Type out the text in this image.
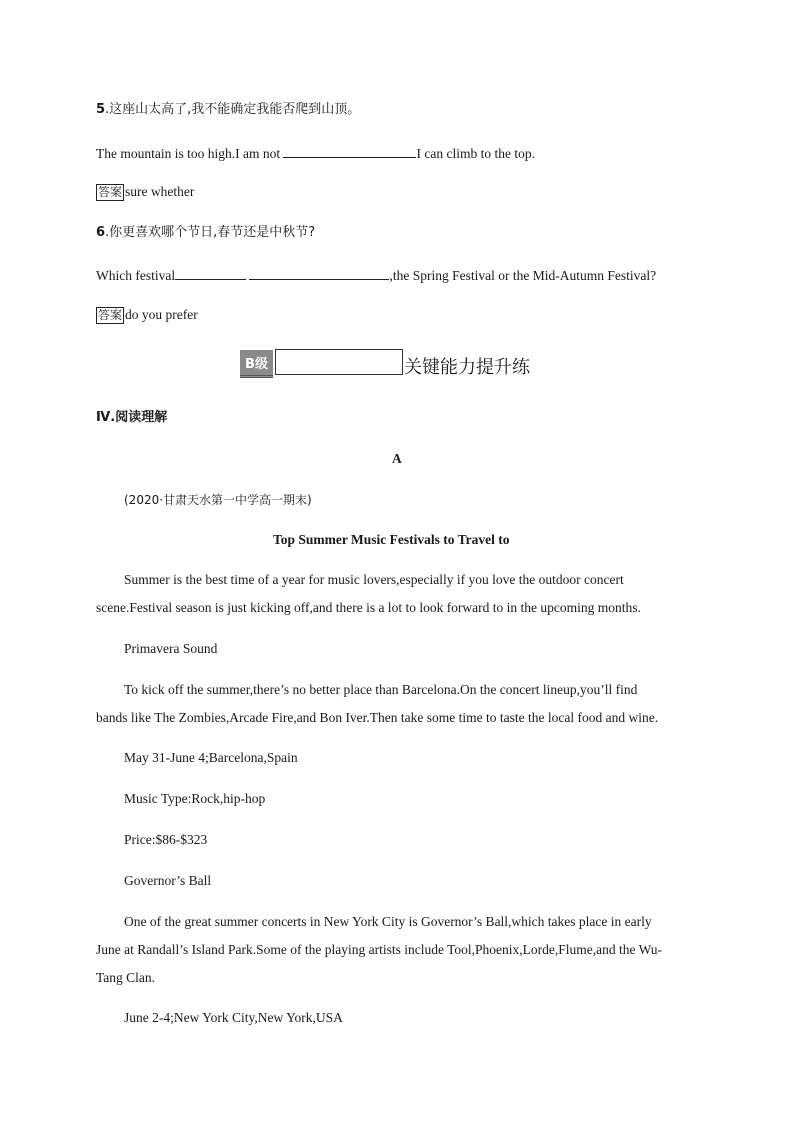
5.这座山太高了,我不能确定我能否爬到山顶。
The mountain is too high.I am not	I can climb to the top.
答案 sure whether
6.你更喜欢哪个节日,春节还是中秋节?
Which festival	,the Spring Festival or the Mid-Autumn Festival?
答案 do you prefer
B级	关键能力提升练
Ⅳ.阅读理解
A
(2020·甘肃天水第一中学高一期末)
Top Summer Music Festivals to Travel to
Summer is the best time of a year for music lovers,especially if you love the outdoor concert
scene.Festival season is just kicking off,and there is a lot to look forward to in the upcoming months.
Primavera Sound
To kick off the summer,there’s no better place than Barcelona.On the concert lineup,you’ll find
bands like The Zombies,Arcade Fire,and Bon Iver.Then take some time to taste the local food and wine.
May 31-June 4;Barcelona,Spain
Music Type:Rock,hip-hop
Price:$86-$323
Governor’s Ball
One of the great summer concerts in New York City is Governor’s Ball,which takes place in early
June at Randall’s Island Park.Some of the playing artists include Tool,Phoenix,Lorde,Flume,and the Wu-
Tang Clan.
June 2-4;New York City,New York,USA
